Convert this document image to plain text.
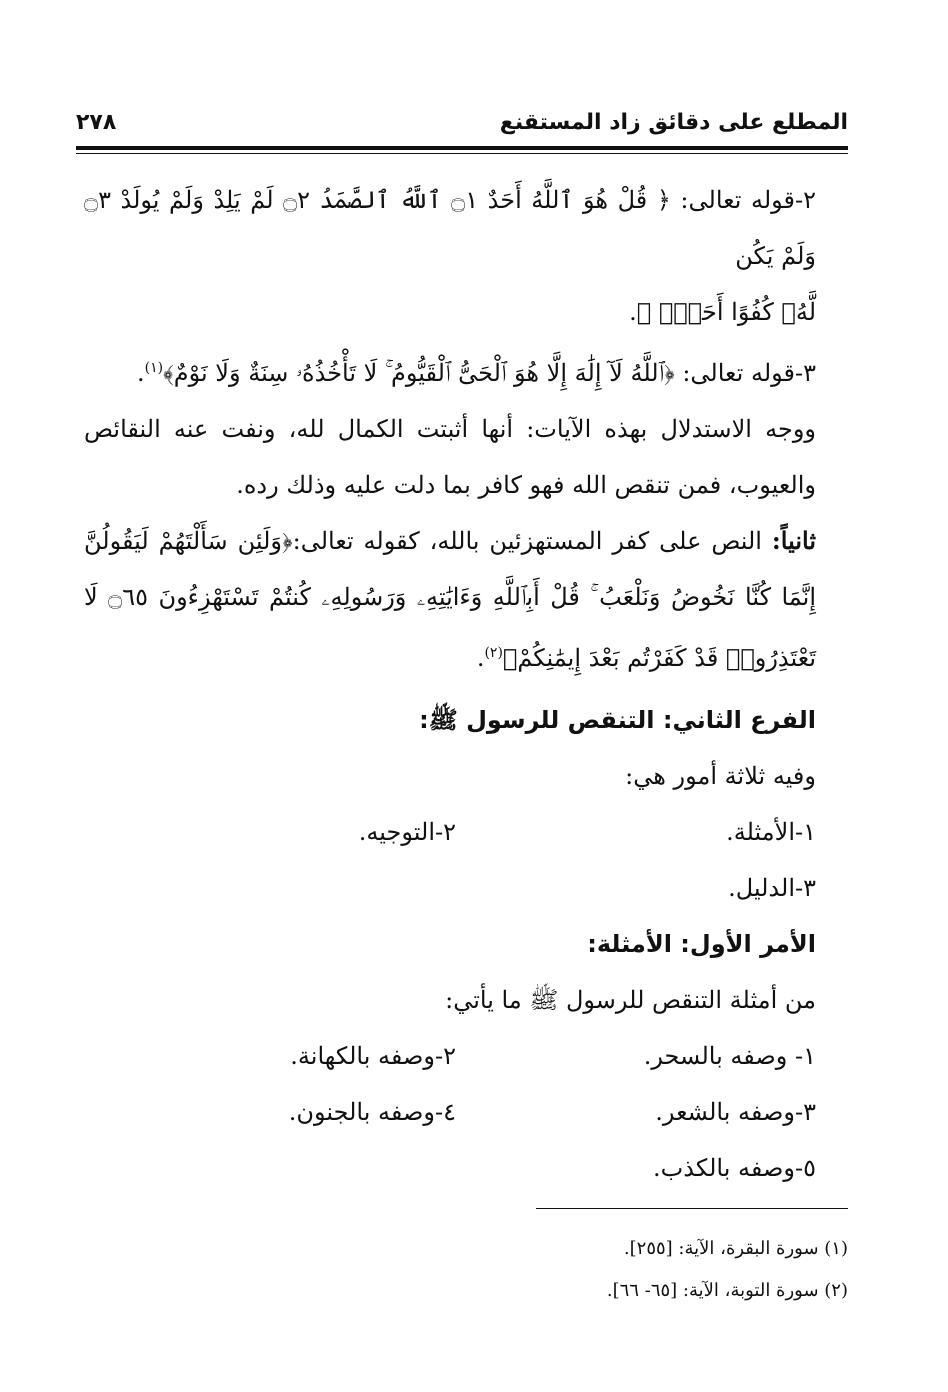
المطلع على دقائق زاد المستقنع
٢٧٨

٢-قوله تعالى: ﴿ قُلْ هُوَ ٱللَّهُ أَحَدٌ ۝١ ٱللَّهُ ٱلصَّمَدُ ۝٢ لَمْ يَلِدْ وَلَمْ يُولَدْ ۝٣ وَلَمْ يَكُن

لَّهُۥ كُفُوًا أَحَدٌۢ ﴾.

٣-قوله تعالى: ﴿ٱللَّهُ لَآ إِلَٰهَ إِلَّا هُوَ ٱلْحَىُّ ٱلْقَيُّومُ ۚ لَا تَأْخُذُهُۥ سِنَةٌ وَلَا نَوْمٌ﴾$^{(١)}$.

ووجه الاستدلال بهذه الآيات: أنها أثبتت الكمال لله، ونفت عنه النقائص والعيوب، فمن تنقص الله فهو كافر بما دلت عليه وذلك رده.

ثانياً: النص على كفر المستهزئين بالله، كقوله تعالى:﴿وَلَئِن سَأَلْتَهُمْ لَيَقُولُنَّ إِنَّمَا كُنَّا نَخُوضُ وَنَلْعَبُ ۚ قُلْ أَبِٱللَّهِ وَءَايَٰتِهِۦ وَرَسُولِهِۦ كُنتُمْ تَسْتَهْزِءُونَ ۝٦٥ لَا تَعْتَذِرُوا۟ قَدْ كَفَرْتُم بَعْدَ إِيمَٰنِكُمْ﴾$^{(٢)}$.

الفرع الثاني: التنقص للرسول ﷺ:

وفيه ثلاثة أمور هي:

١-الأمثلة.
٢-التوجيه.

٣-الدليل.

الأمر الأول: الأمثلة:

من أمثلة التنقص للرسول ﷺ ما يأتي:

١- وصفه بالسحر.
٢-وصفه بالكهانة.
٣-وصفه بالشعر.
٤-وصفه بالجنون.

٥-وصفه بالكذب.

(١) سورة البقرة، الآية: [٢٥٥].

(٢) سورة التوبة، الآية: [٦٥- ٦٦].
